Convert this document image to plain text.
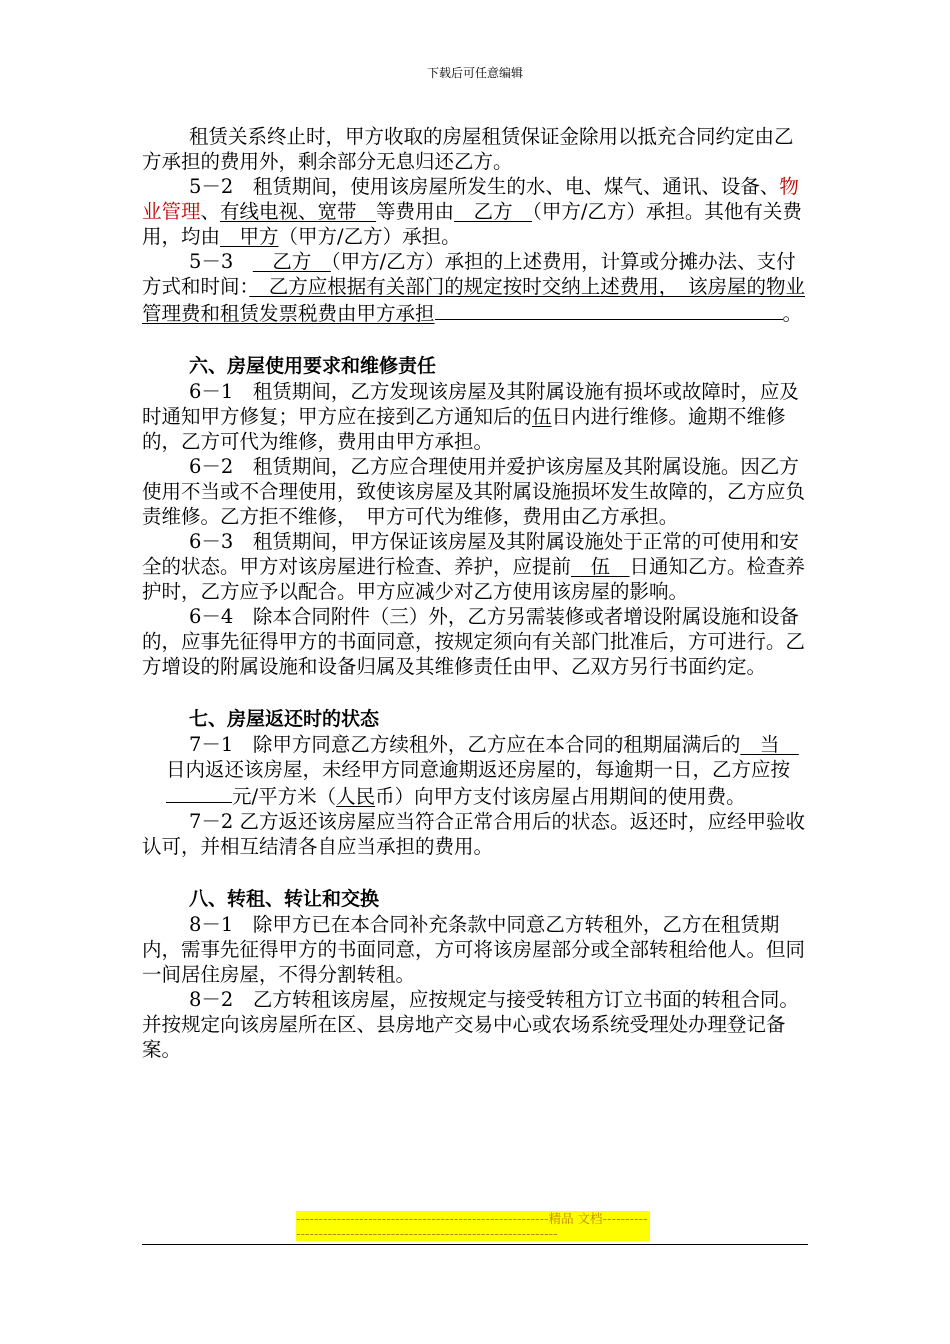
下载后可任意编辑

租赁关系终止时，甲方收取的房屋租赁保证金除用以抵充合同约定由乙方承担的费用外，剩余部分无息归还乙方。

5－2　租赁期间，使用该房屋所发生的水、电、煤气、通讯、设备、物业管理、有线电视、宽带　等费用由　乙方　（甲方/乙方）承担。其他有关费用，均由　甲方（甲方/乙方）承担。

5－3　　乙方　（甲方/乙方）承担的上述费用，计算或分摊办法、支付方式和时间：　乙方应根据有关部门的规定按时交纳上述费用，　该房屋的物业管理费和租赁发票税费由甲方承担	。

六、房屋使用要求和维修责任

6－1　租赁期间，乙方发现该房屋及其附属设施有损坏或故障时，应及时通知甲方修复；甲方应在接到乙方通知后的伍日内进行维修。逾期不维修的，乙方可代为维修，费用由甲方承担。

6－2　租赁期间，乙方应合理使用并爱护该房屋及其附属设施。因乙方使用不当或不合理使用，致使该房屋及其附属设施损坏发生故障的，乙方应负责维修。乙方拒不维修，　甲方可代为维修，费用由乙方承担。

6－3　租赁期间，甲方保证该房屋及其附属设施处于正常的可使用和安全的状态。甲方对该房屋进行检查、养护，应提前　伍　日通知乙方。检查养护时，乙方应予以配合。甲方应减少对乙方使用该房屋的影响。

6－4　除本合同附件（三）外，乙方另需装修或者增设附属设施和设备的，应事先征得甲方的书面同意，按规定须向有关部门批准后，方可进行。乙方增设的附属设施和设备归属及其维修责任由甲、乙双方另行书面约定。

七、房屋返还时的状态

7－1　除甲方同意乙方续租外，乙方应在本合同的租期届满后的　当　日内返还该房屋，未经甲方同意逾期返还房屋的，每逾期一日，乙方应按元/平方米（人民币）向甲方支付该房屋占用期间的使用费。

7－2 乙方返还该房屋应当符合正常合用后的状态。返还时，应经甲验收认可，并相互结清各自应当承担的费用。

八、转租、转让和交换

8－1　除甲方已在本合同补充条款中同意乙方转租外，乙方在租赁期内，需事先征得甲方的书面同意，方可将该房屋部分或全部转租给他人。但同一间居住房屋，不得分割转租。

8－2　乙方转租该房屋，应按规定与接受转租方订立书面的转租合同。并按规定向该房屋所在区、县房地产交易中心或农场系统受理处办理登记备案。

--------------------------------------------------------精品 文档--------------------------------------------------------------------
